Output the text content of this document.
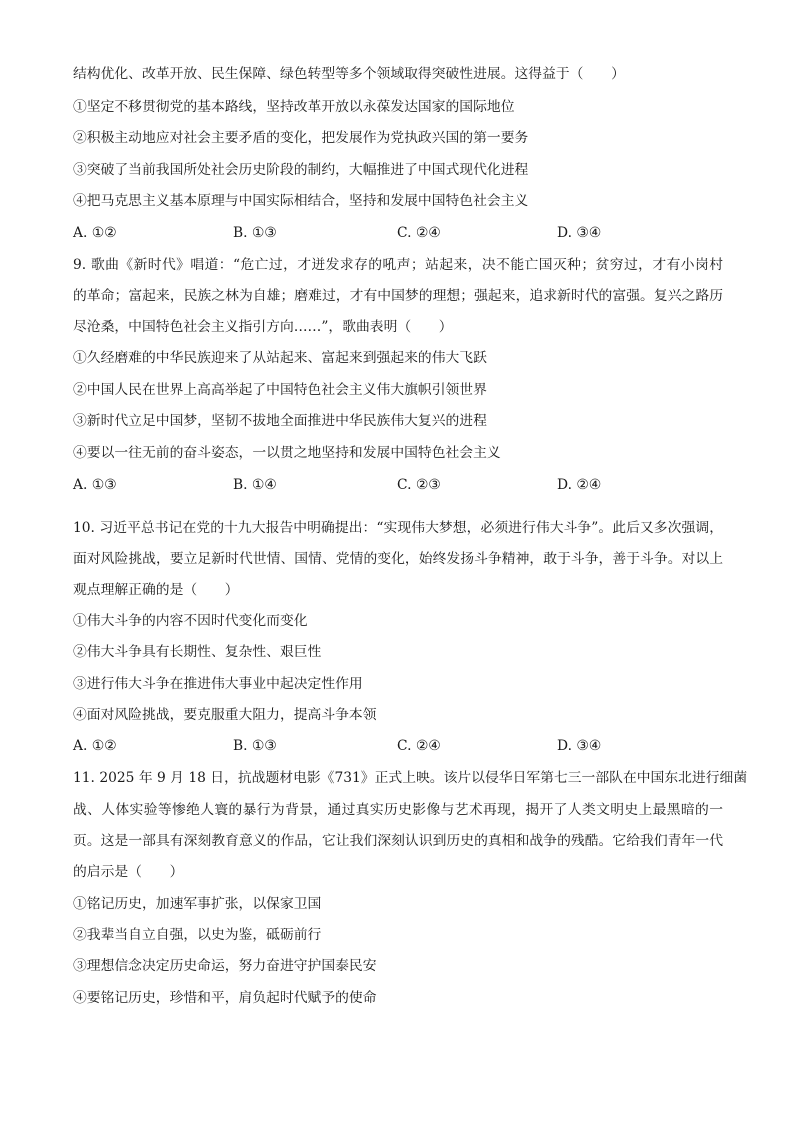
结构优化、改革开放、民生保障、绿色转型等多个领域取得突破性进展。这得益于（　　）
①坚定不移贯彻党的基本路线，坚持改革开放以永葆发达国家的国际地位
②积极主动地应对社会主要矛盾的变化，把发展作为党执政兴国的第一要务
③突破了当前我国所处社会历史阶段的制约，大幅推进了中国式现代化进程
④把马克思主义基本原理与中国实际相结合，坚持和发展中国特色社会主义
A. ①②	B. ①③	C. ②④	D. ③④
9. 歌曲《新时代》唱道：“危亡过，才迸发求存的吼声；站起来，决不能亡国灭种；贫穷过，才有小岗村
的革命；富起来，民族之林为自雄；磨难过，才有中国梦的理想；强起来，追求新时代的富强。复兴之路历
尽沧桑，中国特色社会主义指引方向……”，歌曲表明（　　）
①久经磨难的中华民族迎来了从站起来、富起来到强起来的伟大飞跃
②中国人民在世界上高高举起了中国特色社会主义伟大旗帜引领世界
③新时代立足中国梦，坚韧不拔地全面推进中华民族伟大复兴的进程
④要以一往无前的奋斗姿态，一以贯之地坚持和发展中国特色社会主义
A. ①③	B. ①④	C. ②③	D. ②④
10. 习近平总书记在党的十九大报告中明确提出：“实现伟大梦想，必须进行伟大斗争”。此后又多次强调，
面对风险挑战，要立足新时代世情、国情、党情的变化，始终发扬斗争精神，敢于斗争，善于斗争。对以上
观点理解正确的是（　　）
①伟大斗争的内容不因时代变化而变化
②伟大斗争具有长期性、复杂性、艰巨性
③进行伟大斗争在推进伟大事业中起决定性作用
④面对风险挑战，要克服重大阻力，提高斗争本领
A. ①②	B. ①③	C. ②④	D. ③④
11. 2025 年 9 月 18 日，抗战题材电影《731》正式上映。该片以侵华日军第七三一部队在中国东北进行细菌
战、人体实验等惨绝人寰的暴行为背景，通过真实历史影像与艺术再现，揭开了人类文明史上最黑暗的一
页。这是一部具有深刻教育意义的作品，它让我们深刻认识到历史的真相和战争的残酷。它给我们青年一代
的启示是（　　）
①铭记历史，加速军事扩张，以保家卫国
②我辈当自立自强，以史为鉴，砥砺前行
③理想信念决定历史命运，努力奋进守护国泰民安
④要铭记历史，珍惜和平，肩负起时代赋予的使命
